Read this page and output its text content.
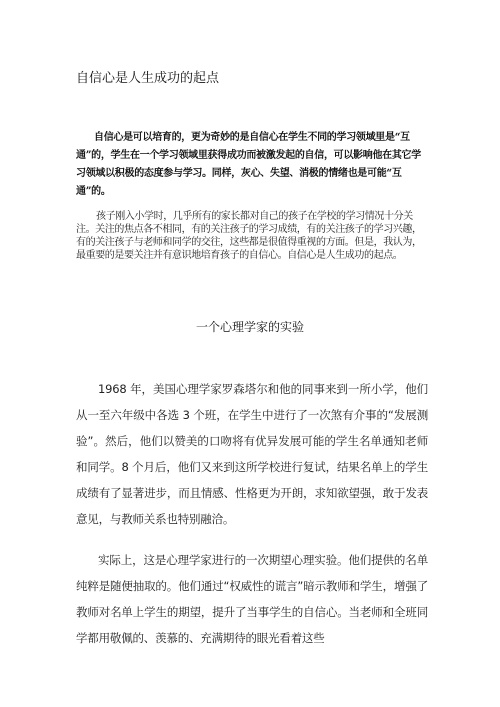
自信心是人生成功的起点
自信心是可以培育的，更为奇妙的是自信心在学生不同的学习领域里是“互通”的，学生在一个学习领域里获得成功而被激发起的自信，可以影响他在其它学习领域以积极的态度参与学习。同样，灰心、失望、消极的情绪也是可能“互通”的。
孩子刚入小学时，几乎所有的家长都对自己的孩子在学校的学习情况十分关注。关注的焦点各不相同，有的关注孩子的学习成绩，有的关注孩子的学习兴趣，有的关注孩子与老师和同学的交往，这些都是很值得重视的方面。但是，我认为，最重要的是要关注并有意识地培育孩子的自信心。自信心是人生成功的起点。
一个心理学家的实验
1968 年，美国心理学家罗森塔尔和他的同事来到一所小学，他们从一至六年级中各选 3 个班，在学生中进行了一次煞有介事的“发展测验”。然后，他们以赞美的口吻将有优异发展可能的学生名单通知老师和同学。8 个月后，他们又来到这所学校进行复试，结果名单上的学生成绩有了显著进步，而且情感、性格更为开朗，求知欲望强，敢于发表意见，与教师关系也特别融洽。
实际上，这是心理学家进行的一次期望心理实验。他们提供的名单纯粹是随便抽取的。他们通过“权威性的谎言”暗示教师和学生，增强了教师对名单上学生的期望，提升了当事学生的自信心。当老师和全班同学都用敬佩的、羡慕的、充满期待的眼光看着这些
